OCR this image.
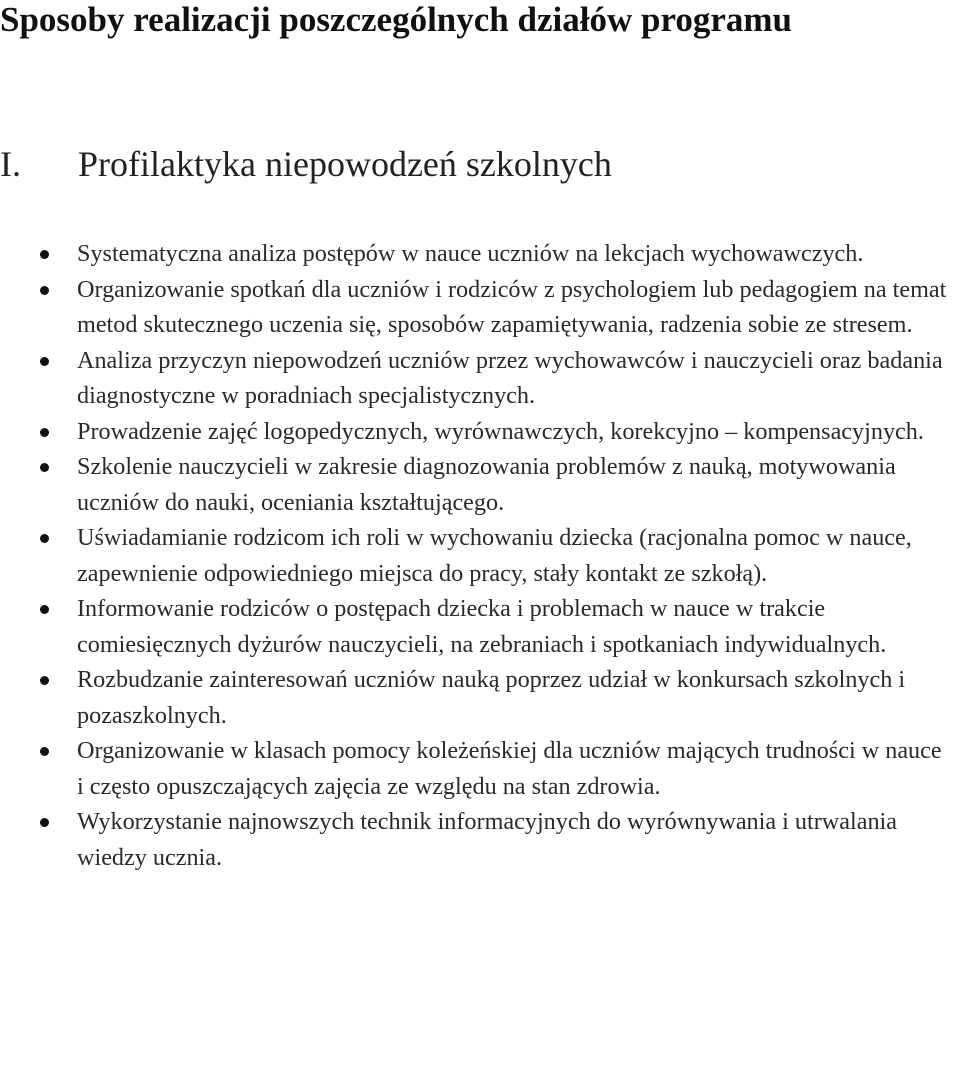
Sposoby realizacji poszczególnych działów programu
I. Profilaktyka niepowodzeń szkolnych
Systematyczna analiza postępów w nauce uczniów na lekcjach wychowawczych.
Organizowanie spotkań dla uczniów i rodziców z psychologiem lub pedagogiem na temat metod skutecznego uczenia się, sposobów zapamiętywania, radzenia sobie ze stresem.
Analiza przyczyn niepowodzeń uczniów przez wychowawców i nauczycieli oraz badania diagnostyczne w poradniach specjalistycznych.
Prowadzenie zajęć logopedycznych, wyrównawczych, korekcyjno – kompensacyjnych.
Szkolenie nauczycieli w zakresie diagnozowania problemów z nauką, motywowania uczniów do nauki, oceniania kształtującego.
Uświadamianie rodzicom ich roli w wychowaniu dziecka (racjonalna pomoc w nauce, zapewnienie odpowiedniego miejsca do pracy, stały kontakt ze szkołą).
Informowanie rodziców o postępach dziecka i problemach w nauce w trakcie comiesięcznych dyżurów nauczycieli, na zebraniach i spotkaniach indywidualnych.
Rozbudzanie zainteresowań uczniów nauką poprzez udział w konkursach szkolnych i pozaszkolnych.
Organizowanie w klasach pomocy koleżeńskiej dla uczniów mających trudności w nauce i często opuszczających zajęcia ze względu na stan zdrowia.
Wykorzystanie najnowszych technik informacyjnych do wyrównywania i utrwalania wiedzy ucznia.
